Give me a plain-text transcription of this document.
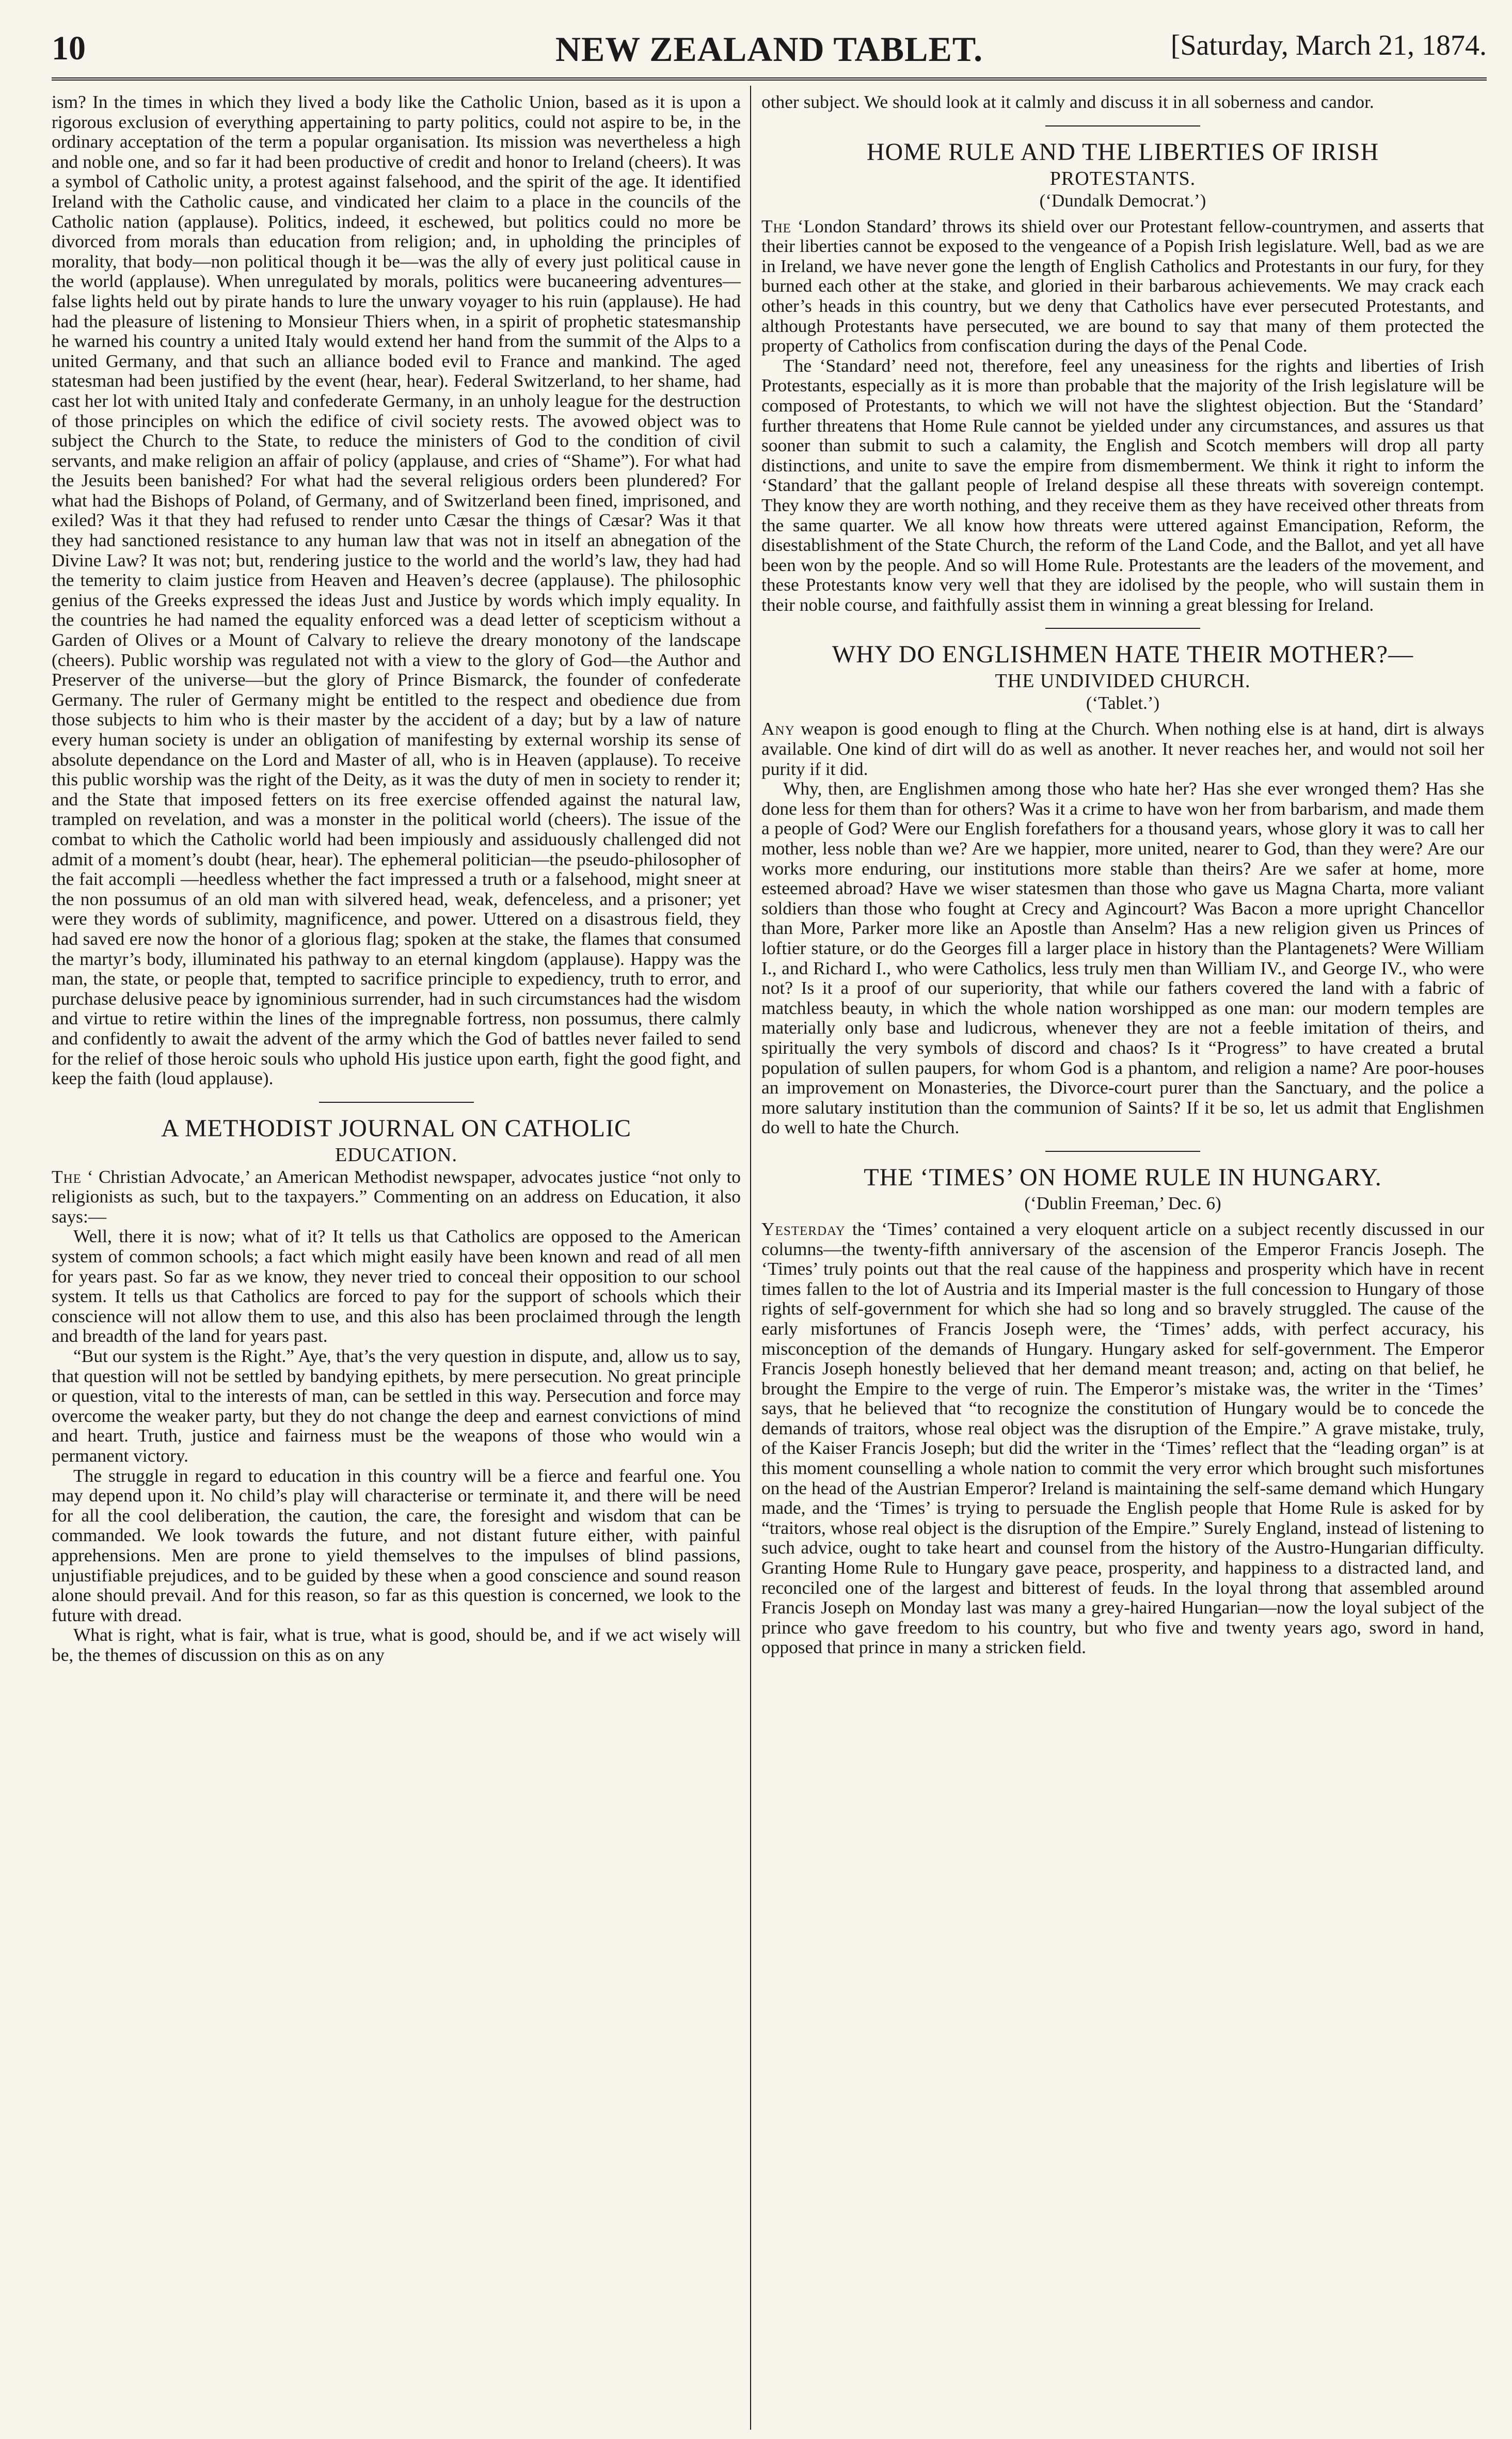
10	NEW ZEALAND TABLET.	[Saturday, March 21, 1874.

ism? In the times in which they lived a body like the Catholic Union, based as it is upon a rigorous exclusion of everything appertaining to party politics, could not aspire to be, in the ordinary acceptation of the term a popular organisation. Its mission was nevertheless a high and noble one, and so far it had been productive of credit and honor to Ireland (cheers). It was a symbol of Catholic unity, a protest against falsehood, and the spirit of the age. It identified Ireland with the Catholic cause, and vindicated her claim to a place in the councils of the Catholic nation (applause). Politics, indeed, it eschewed, but politics could no more be divorced from morals than education from religion; and, in upholding the principles of morality, that body—non political though it be—was the ally of every just political cause in the world (applause). When unregulated by morals, politics were bucaneering adventures—false lights held out by pirate hands to lure the unwary voyager to his ruin (applause). He had had the pleasure of listening to Monsieur Thiers when, in a spirit of prophetic statesmanship he warned his country a united Italy would extend her hand from the summit of the Alps to a united Germany, and that such an alliance boded evil to France and mankind. The aged statesman had been justified by the event (hear, hear). Federal Switzerland, to her shame, had cast her lot with united Italy and confederate Germany, in an unholy league for the destruction of those principles on which the edifice of civil society rests. The avowed object was to subject the Church to the State, to reduce the ministers of God to the condition of civil servants, and make religion an affair of policy (applause, and cries of “Shame”). For what had the Jesuits been banished? For what had the several religious orders been plundered? For what had the Bishops of Poland, of Germany, and of Switzerland been fined, imprisoned, and exiled? Was it that they had refused to render unto Cæsar the things of Cæsar? Was it that they had sanctioned resistance to any human law that was not in itself an abnegation of the Divine Law? It was not; but, rendering justice to the world and the world’s law, they had had the temerity to claim justice from Heaven and Heaven’s decree (applause). The philosophic genius of the Greeks expressed the ideas Just and Justice by words which imply equality. In the countries he had named the equality enforced was a dead letter of scepticism without a Garden of Olives or a Mount of Calvary to relieve the dreary monotony of the landscape (cheers). Public worship was regulated not with a view to the glory of God—the Author and Preserver of the universe—but the glory of Prince Bismarck, the founder of confederate Germany. The ruler of Germany might be entitled to the respect and obedience due from those subjects to him who is their master by the accident of a day; but by a law of nature every human society is under an obligation of manifesting by external worship its sense of absolute dependance on the Lord and Master of all, who is in Heaven (applause). To receive this public worship was the right of the Deity, as it was the duty of men in society to render it; and the State that imposed fetters on its free exercise offended against the natural law, trampled on revelation, and was a monster in the political world (cheers). The issue of the combat to which the Catholic world had been impiously and assiduously challenged did not admit of a moment’s doubt (hear, hear). The ephemeral politician—the pseudo-philosopher of the fait accompli —heedless whether the fact impressed a truth or a falsehood, might sneer at the non possumus of an old man with silvered head, weak, defenceless, and a prisoner; yet were they words of sublimity, magnificence, and power. Uttered on a disastrous field, they had saved ere now the honor of a glorious flag; spoken at the stake, the flames that consumed the martyr’s body, illuminated his pathway to an eternal kingdom (applause). Happy was the man, the state, or people that, tempted to sacrifice principle to expediency, truth to error, and purchase delusive peace by ignominious surrender, had in such circumstances had the wisdom and virtue to retire within the lines of the impregnable fortress, non possumus, there calmly and confidently to await the advent of the army which the God of battles never failed to send for the relief of those heroic souls who uphold His justice upon earth, fight the good fight, and keep the faith (loud applause).

A METHODIST JOURNAL ON CATHOLIC
EDUCATION.

The ‘ Christian Advocate,’ an American Methodist newspaper, advocates justice “not only to religionists as such, but to the taxpayers.” Commenting on an address on Education, it also says:—

Well, there it is now; what of it? It tells us that Catholics are opposed to the American system of common schools; a fact which might easily have been known and read of all men for years past. So far as we know, they never tried to conceal their opposition to our school system. It tells us that Catholics are forced to pay for the support of schools which their conscience will not allow them to use, and this also has been proclaimed through the length and breadth of the land for years past.

“But our system is the Right.” Aye, that’s the very question in dispute, and, allow us to say, that question will not be settled by bandying epithets, by mere persecution. No great principle or question, vital to the interests of man, can be settled in this way. Persecution and force may overcome the weaker party, but they do not change the deep and earnest convictions of mind and heart. Truth, justice and fairness must be the weapons of those who would win a permanent victory.

The struggle in regard to education in this country will be a fierce and fearful one. You may depend upon it. No child’s play will characterise or terminate it, and there will be need for all the cool deliberation, the caution, the care, the foresight and wisdom that can be commanded. We look towards the future, and not distant future either, with painful apprehensions. Men are prone to yield themselves to the impulses of blind passions, unjustifiable prejudices, and to be guided by these when a good conscience and sound reason alone should prevail. And for this reason, so far as this question is concerned, we look to the future with dread.

What is right, what is fair, what is true, what is good, should be, and if we act wisely will be, the themes of discussion on this as on any

other subject. We should look at it calmly and discuss it in all soberness and candor.

HOME RULE AND THE LIBERTIES OF IRISH
PROTESTANTS.
(‘Dundalk Democrat.’)

The ‘London Standard’ throws its shield over our Protestant fellow-countrymen, and asserts that their liberties cannot be exposed to the vengeance of a Popish Irish legislature. Well, bad as we are in Ireland, we have never gone the length of English Catholics and Protestants in our fury, for they burned each other at the stake, and gloried in their barbarous achievements. We may crack each other’s heads in this country, but we deny that Catholics have ever persecuted Protestants, and although Protestants have persecuted, we are bound to say that many of them protected the property of Catholics from confiscation during the days of the Penal Code.

The ‘Standard’ need not, therefore, feel any uneasiness for the rights and liberties of Irish Protestants, especially as it is more than probable that the majority of the Irish legislature will be composed of Protestants, to which we will not have the slightest objection. But the ‘Standard’ further threatens that Home Rule cannot be yielded under any circumstances, and assures us that sooner than submit to such a calamity, the English and Scotch members will drop all party distinctions, and unite to save the empire from dismemberment. We think it right to inform the ‘Standard’ that the gallant people of Ireland despise all these threats with sovereign contempt. They know they are worth nothing, and they receive them as they have received other threats from the same quarter. We all know how threats were uttered against Emancipation, Reform, the disestablishment of the State Church, the reform of the Land Code, and the Ballot, and yet all have been won by the people. And so will Home Rule. Protestants are the leaders of the movement, and these Protestants know very well that they are idolised by the people, who will sustain them in their noble course, and faithfully assist them in winning a great blessing for Ireland.

WHY DO ENGLISHMEN HATE THEIR MOTHER?—
THE UNDIVIDED CHURCH.
(‘Tablet.’)

Any weapon is good enough to fling at the Church. When nothing else is at hand, dirt is always available. One kind of dirt will do as well as another. It never reaches her, and would not soil her purity if it did.

Why, then, are Englishmen among those who hate her? Has she ever wronged them? Has she done less for them than for others? Was it a crime to have won her from barbarism, and made them a people of God? Were our English forefathers for a thousand years, whose glory it was to call her mother, less noble than we? Are we happier, more united, nearer to God, than they were? Are our works more enduring, our institutions more stable than theirs? Are we safer at home, more esteemed abroad? Have we wiser statesmen than those who gave us Magna Charta, more valiant soldiers than those who fought at Crecy and Agincourt? Was Bacon a more upright Chancellor than More, Parker more like an Apostle than Anselm? Has a new religion given us Princes of loftier stature, or do the Georges fill a larger place in history than the Plantagenets? Were William I., and Richard I., who were Catholics, less truly men than William IV., and George IV., who were not? Is it a proof of our superiority, that while our fathers covered the land with a fabric of matchless beauty, in which the whole nation worshipped as one man: our modern temples are materially only base and ludicrous, whenever they are not a feeble imitation of theirs, and spiritually the very symbols of discord and chaos? Is it “Progress” to have created a brutal population of sullen paupers, for whom God is a phantom, and religion a name? Are poor-houses an improvement on Monasteries, the Divorce-court purer than the Sanctuary, and the police a more salutary institution than the communion of Saints? If it be so, let us admit that Englishmen do well to hate the Church.

THE ‘TIMES’ ON HOME RULE IN HUNGARY.
(‘Dublin Freeman,’ Dec. 6)

Yesterday the ‘Times’ contained a very eloquent article on a subject recently discussed in our columns—the twenty-fifth anniversary of the ascension of the Emperor Francis Joseph. The ‘Times’ truly points out that the real cause of the happiness and prosperity which have in recent times fallen to the lot of Austria and its Imperial master is the full concession to Hungary of those rights of self-government for which she had so long and so bravely struggled. The cause of the early misfortunes of Francis Joseph were, the ‘Times’ adds, with perfect accuracy, his misconception of the demands of Hungary. Hungary asked for self-government. The Emperor Francis Joseph honestly believed that her demand meant treason; and, acting on that belief, he brought the Empire to the verge of ruin. The Emperor’s mistake was, the writer in the ‘Times’ says, that he believed that “to recognize the constitution of Hungary would be to concede the demands of traitors, whose real object was the disruption of the Empire.” A grave mistake, truly, of the Kaiser Francis Joseph; but did the writer in the ‘Times’ reflect that the “leading organ” is at this moment counselling a whole nation to commit the very error which brought such misfortunes on the head of the Austrian Emperor? Ireland is maintaining the self-same demand which Hungary made, and the ‘Times’ is trying to persuade the English people that Home Rule is asked for by “traitors, whose real object is the disruption of the Empire.” Surely England, instead of listening to such advice, ought to take heart and counsel from the history of the Austro-Hungarian difficulty. Granting Home Rule to Hungary gave peace, prosperity, and happiness to a distracted land, and reconciled one of the largest and bitterest of feuds. In the loyal throng that assembled around Francis Joseph on Monday last was many a grey-haired Hungarian—now the loyal subject of the prince who gave freedom to his country, but who five and twenty years ago, sword in hand, opposed that prince in many a stricken field.
